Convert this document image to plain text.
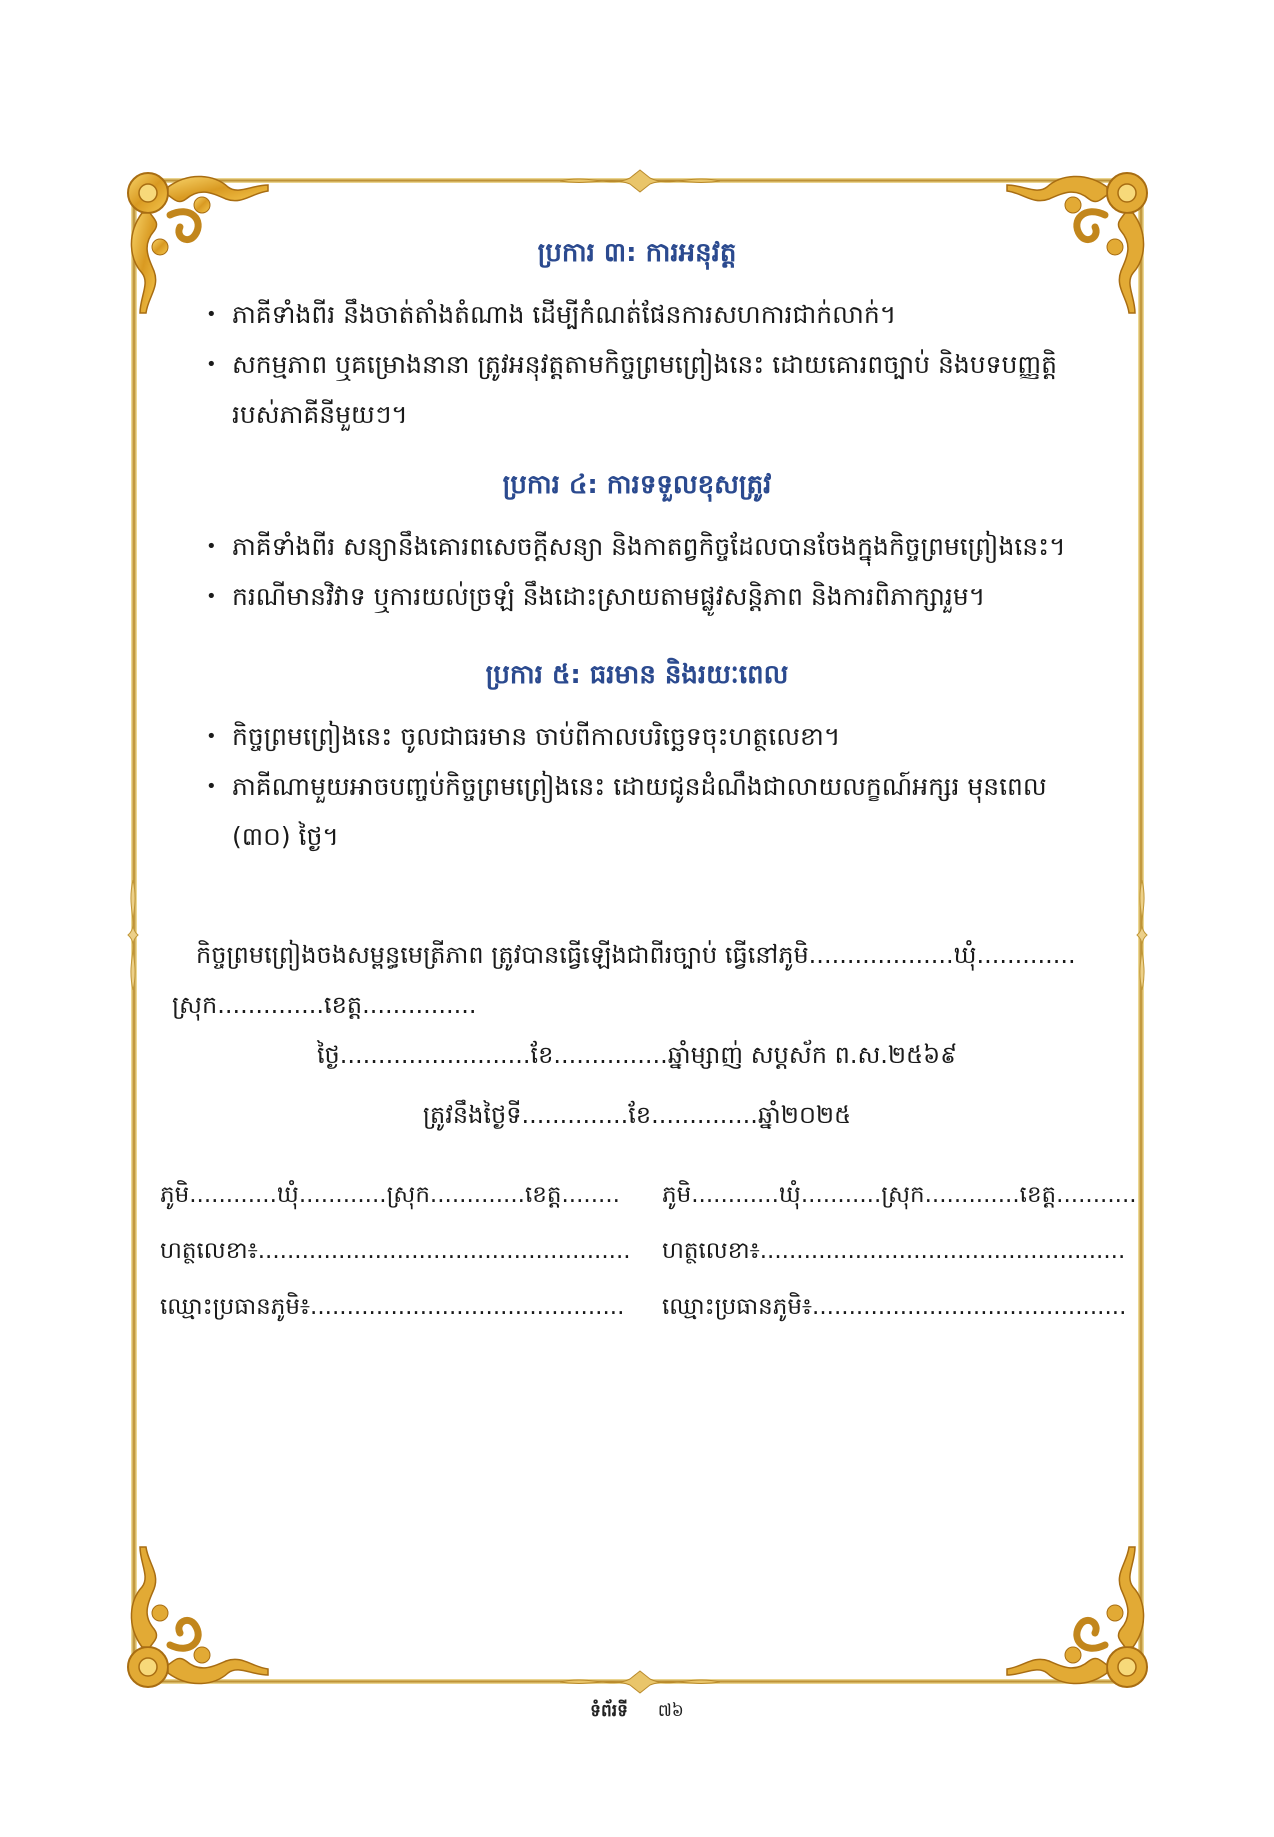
ប្រការ ៣: ការអនុវត្ត
• ភាគីទាំងពីរ នឹងចាត់តាំងតំណាង ដើម្បីកំណត់ផែនការសហការជាក់លាក់។
• សកម្មភាព ឬគម្រោងនានា ត្រូវអនុវត្តតាមកិច្ចព្រមព្រៀងនេះ ដោយគោរពច្បាប់ និងបទបញ្ញត្តិរបស់ភាគីនីមួយៗ។
ប្រការ ៤: ការទទួលខុសត្រូវ
• ភាគីទាំងពីរ សន្យានឹងគោរពសេចក្តីសន្យា និងកាតព្វកិច្ចដែលបានចែងក្នុងកិច្ចព្រមព្រៀងនេះ។
• ករណីមានវិវាទ ឬការយល់ច្រឡំ នឹងដោះស្រាយតាមផ្លូវសន្តិភាព និងការពិភាក្សារួម។
ប្រការ ៥: ធរមាន និងរយៈពេល
• កិច្ចព្រមព្រៀងនេះ ចូលជាធរមាន ចាប់ពីកាលបរិច្ឆេទចុះហត្ថលេខា។
• ភាគីណាមួយអាចបញ្ចប់កិច្ចព្រមព្រៀងនេះ ដោយជូនដំណឹងជាលាយលក្ខណ៍អក្សរ មុនពេល (៣០) ថ្ងៃ។
កិច្ចព្រមព្រៀងចងសម្ពន្ធមេត្រីភាព ត្រូវបានធ្វើឡើងជាពីរច្បាប់ ធ្វើនៅភូមិ...................ឃុំ.............
ស្រុក..............ខេត្ត...............
ថ្ងៃ.........................ខែ...............ឆ្នាំម្សាញ់ សប្តស័ក ព.ស.២៥៦៩
ត្រូវនឹងថ្ងៃទី..............ខែ..............ឆ្នាំ២០២៥
ភូមិ............ឃុំ............ស្រុក.............ខេត្ត........
ហត្ថលេខា៖...................................................
ឈ្មោះប្រធានភូមិ៖...........................................
ភូមិ............ឃុំ...........ស្រុក.............ខេត្ត...........
ហត្ថលេខា៖..................................................
ឈ្មោះប្រធានភូមិ៖...........................................
ទំព័រទី ៧៦
